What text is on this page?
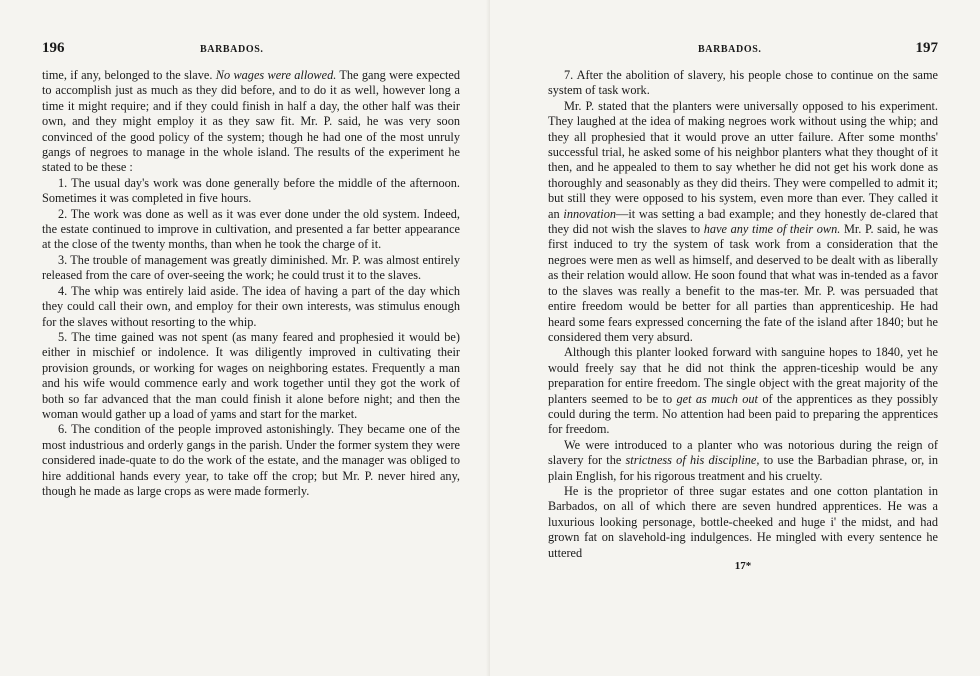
196	BARBADOS.

time, if any, belonged to the slave. No wages were allowed. The gang were expected to accomplish just as much as they did before, and to do it as well, however long a time it might require; and if they could finish in half a day, the other half was their own, and they might employ it as they saw fit. Mr. P. said, he was very soon convinced of the good policy of the system; though he had one of the most unruly gangs of negroes to manage in the whole island. The results of the experiment he stated to be these :

1. The usual day's work was done generally before the middle of the afternoon. Sometimes it was completed in five hours.

2. The work was done as well as it was ever done under the old system. Indeed, the estate continued to improve in cultivation, and presented a far better appearance at the close of the twenty months, than when he took the charge of it.

3. The trouble of management was greatly diminished. Mr. P. was almost entirely released from the care of over-seeing the work; he could trust it to the slaves.

4. The whip was entirely laid aside. The idea of having a part of the day which they could call their own, and employ for their own interests, was stimulus enough for the slaves without resorting to the whip.

5. The time gained was not spent (as many feared and prophesied it would be) either in mischief or indolence. It was diligently improved in cultivating their provision grounds, or working for wages on neighboring estates. Frequently a man and his wife would commence early and work together until they got the work of both so far advanced that the man could finish it alone before night; and then the woman would gather up a load of yams and start for the market.

6. The condition of the people improved astonishingly. They became one of the most industrious and orderly gangs in the parish. Under the former system they were considered inade-quate to do the work of the estate, and the manager was obliged to hire additional hands every year, to take off the crop; but Mr. P. never hired any, though he made as large crops as were made formerly.

BARBADOS.	197

7. After the abolition of slavery, his people chose to continue on the same system of task work.

Mr. P. stated that the planters were universally opposed to his experiment. They laughed at the idea of making negroes work without using the whip; and they all prophesied that it would prove an utter failure. After some months' successful trial, he asked some of his neighbor planters what they thought of it then, and he appealed to them to say whether he did not get his work done as thoroughly and seasonably as they did theirs. They were compelled to admit it; but still they were opposed to his system, even more than ever. They called it an innovation—it was setting a bad example; and they honestly de-clared that they did not wish the slaves to have any time of their own. Mr. P. said, he was first induced to try the system of task work from a consideration that the negroes were men as well as himself, and deserved to be dealt with as liberally as their relation would allow. He soon found that what was in-tended as a favor to the slaves was really a benefit to the mas-ter. Mr. P. was persuaded that entire freedom would be better for all parties than apprenticeship. He had heard some fears expressed concerning the fate of the island after 1840; but he considered them very absurd.

Although this planter looked forward with sanguine hopes to 1840, yet he would freely say that he did not think the appren-ticeship would be any preparation for entire freedom. The single object with the great majority of the planters seemed to be to get as much out of the apprentices as they possibly could during the term. No attention had been paid to preparing the apprentices for freedom.

We were introduced to a planter who was notorious during the reign of slavery for the strictness of his discipline, to use the Barbadian phrase, or, in plain English, for his rigorous treatment and his cruelty.

He is the proprietor of three sugar estates and one cotton plantation in Barbados, on all of which there are seven hundred apprentices. He was a luxurious looking personage, bottle-cheeked and huge i' the midst, and had grown fat on slavehold-ing indulgences. He mingled with every sentence he uttered

17*
